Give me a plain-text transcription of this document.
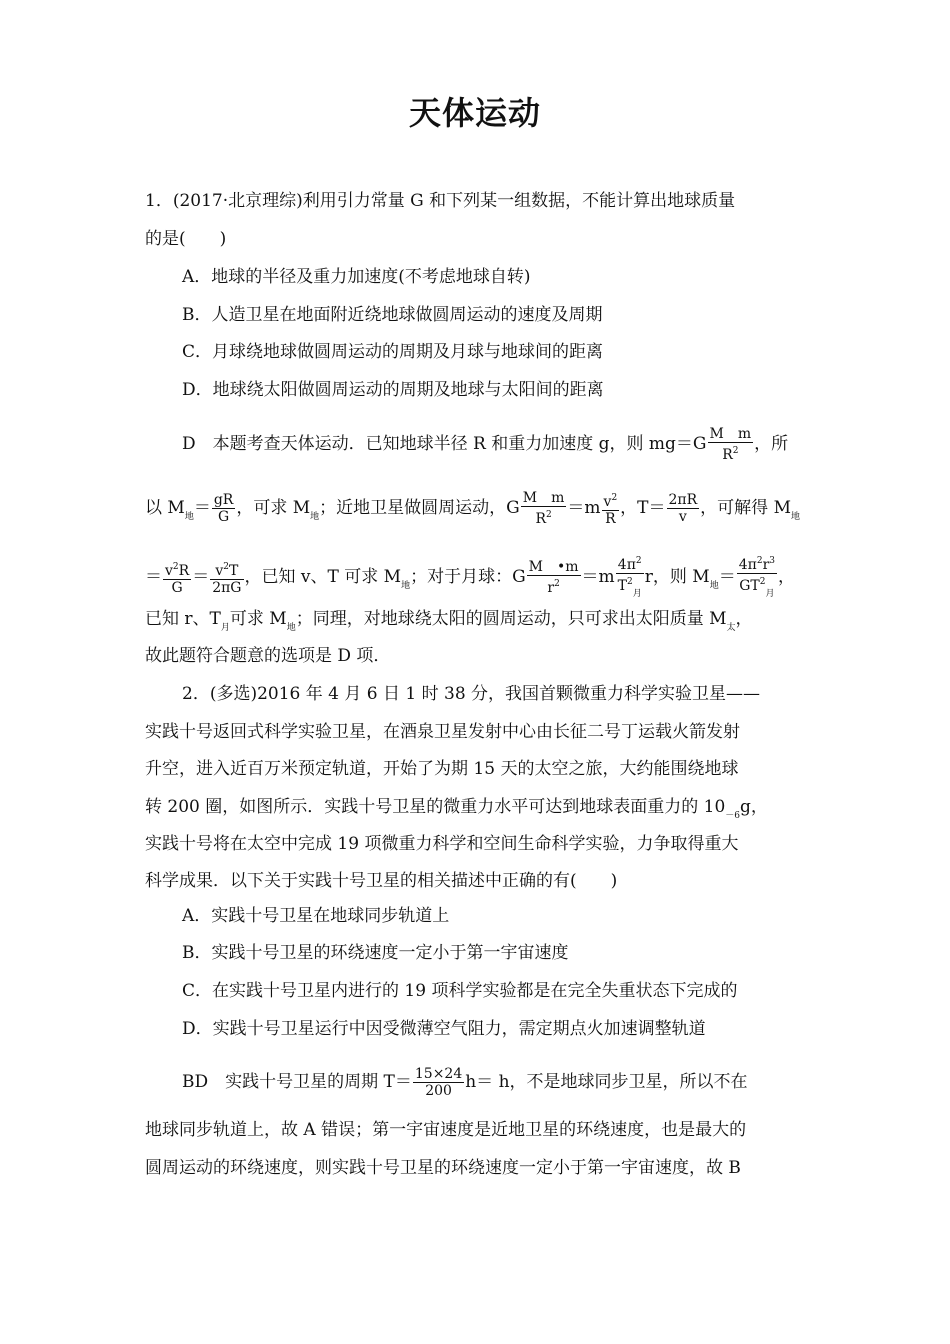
天体运动
1．(2017·北京理综)利用引力常量 G 和下列某一组数据，不能计算出地球质量
的是(　　)
A．地球的半径及重力加速度(不考虑地球自转)
B．人造卫星在地面附近绕地球做圆周运动的速度及周期
C．月球绕地球做圆周运动的周期及月球与地球间的距离
D．地球绕太阳做圆周运动的周期及地球与太阳间的距离
D　本题考查天体运动．已知地球半径 R 和重力加速度 g，则 $mg=G \frac{\text{M　m}}{R^2}$ ，所
以 $M_地= \frac{gR}{G}$ ，可求 $M_地$；近地卫星做圆周运动，G $\frac{\text{M　m}}{R^2} =m \frac{v^2}{R}$ ，$T= \frac{2\pi R}{v}$ ，可解得 $M_地$
＝ $\frac{v^2R}{G} = \frac{v^2T}{2\pi G}$ ，已知 v、T 可求 $M_地$；对于月球：G $\frac{M •m}{r^2} =m \frac{4\pi^2}{T^2_月}$ r，则 $M_地= \frac{4\pi^2r^3}{GT^2_月}$ ，
已知 r、$T_月$可求 $M_地$；同理，对地球绕太阳的圆周运动，只可求出太阳质量 $M_太$，
故此题符合题意的选项是 D 项．
2．(多选)2016 年 4 月 6 日 1 时 38 分，我国首颗微重力科学实验卫星——
实践十号返回式科学实验卫星，在酒泉卫星发射中心由长征二号丁运载火箭发射
升空，进入近百万米预定轨道，开始了为期 15 天的太空之旅，大约能围绕地球
转 200 圈，如图所示．实践十号卫星的微重力水平可达到地球表面重力的 $10_{-6}g$，
实践十号将在太空中完成 19 项微重力科学和空间生命科学实验，力争取得重大
科学成果．以下关于实践十号卫星的相关描述中正确的有(　　)
A．实践十号卫星在地球同步轨道上
B．实践十号卫星的环绕速度一定小于第一宇宙速度
C．在实践十号卫星内进行的 19 项科学实验都是在完全失重状态下完成的
D．实践十号卫星运行中因受微薄空气阻力，需定期点火加速调整轨道
BD　实践十号卫星的周期 $T= \frac{15\times 24}{200} h= h$，不是地球同步卫星，所以不在
地球同步轨道上，故 A 错误；第一宇宙速度是近地卫星的环绕速度，也是最大的
圆周运动的环绕速度，则实践十号卫星的环绕速度一定小于第一宇宙速度，故 B
